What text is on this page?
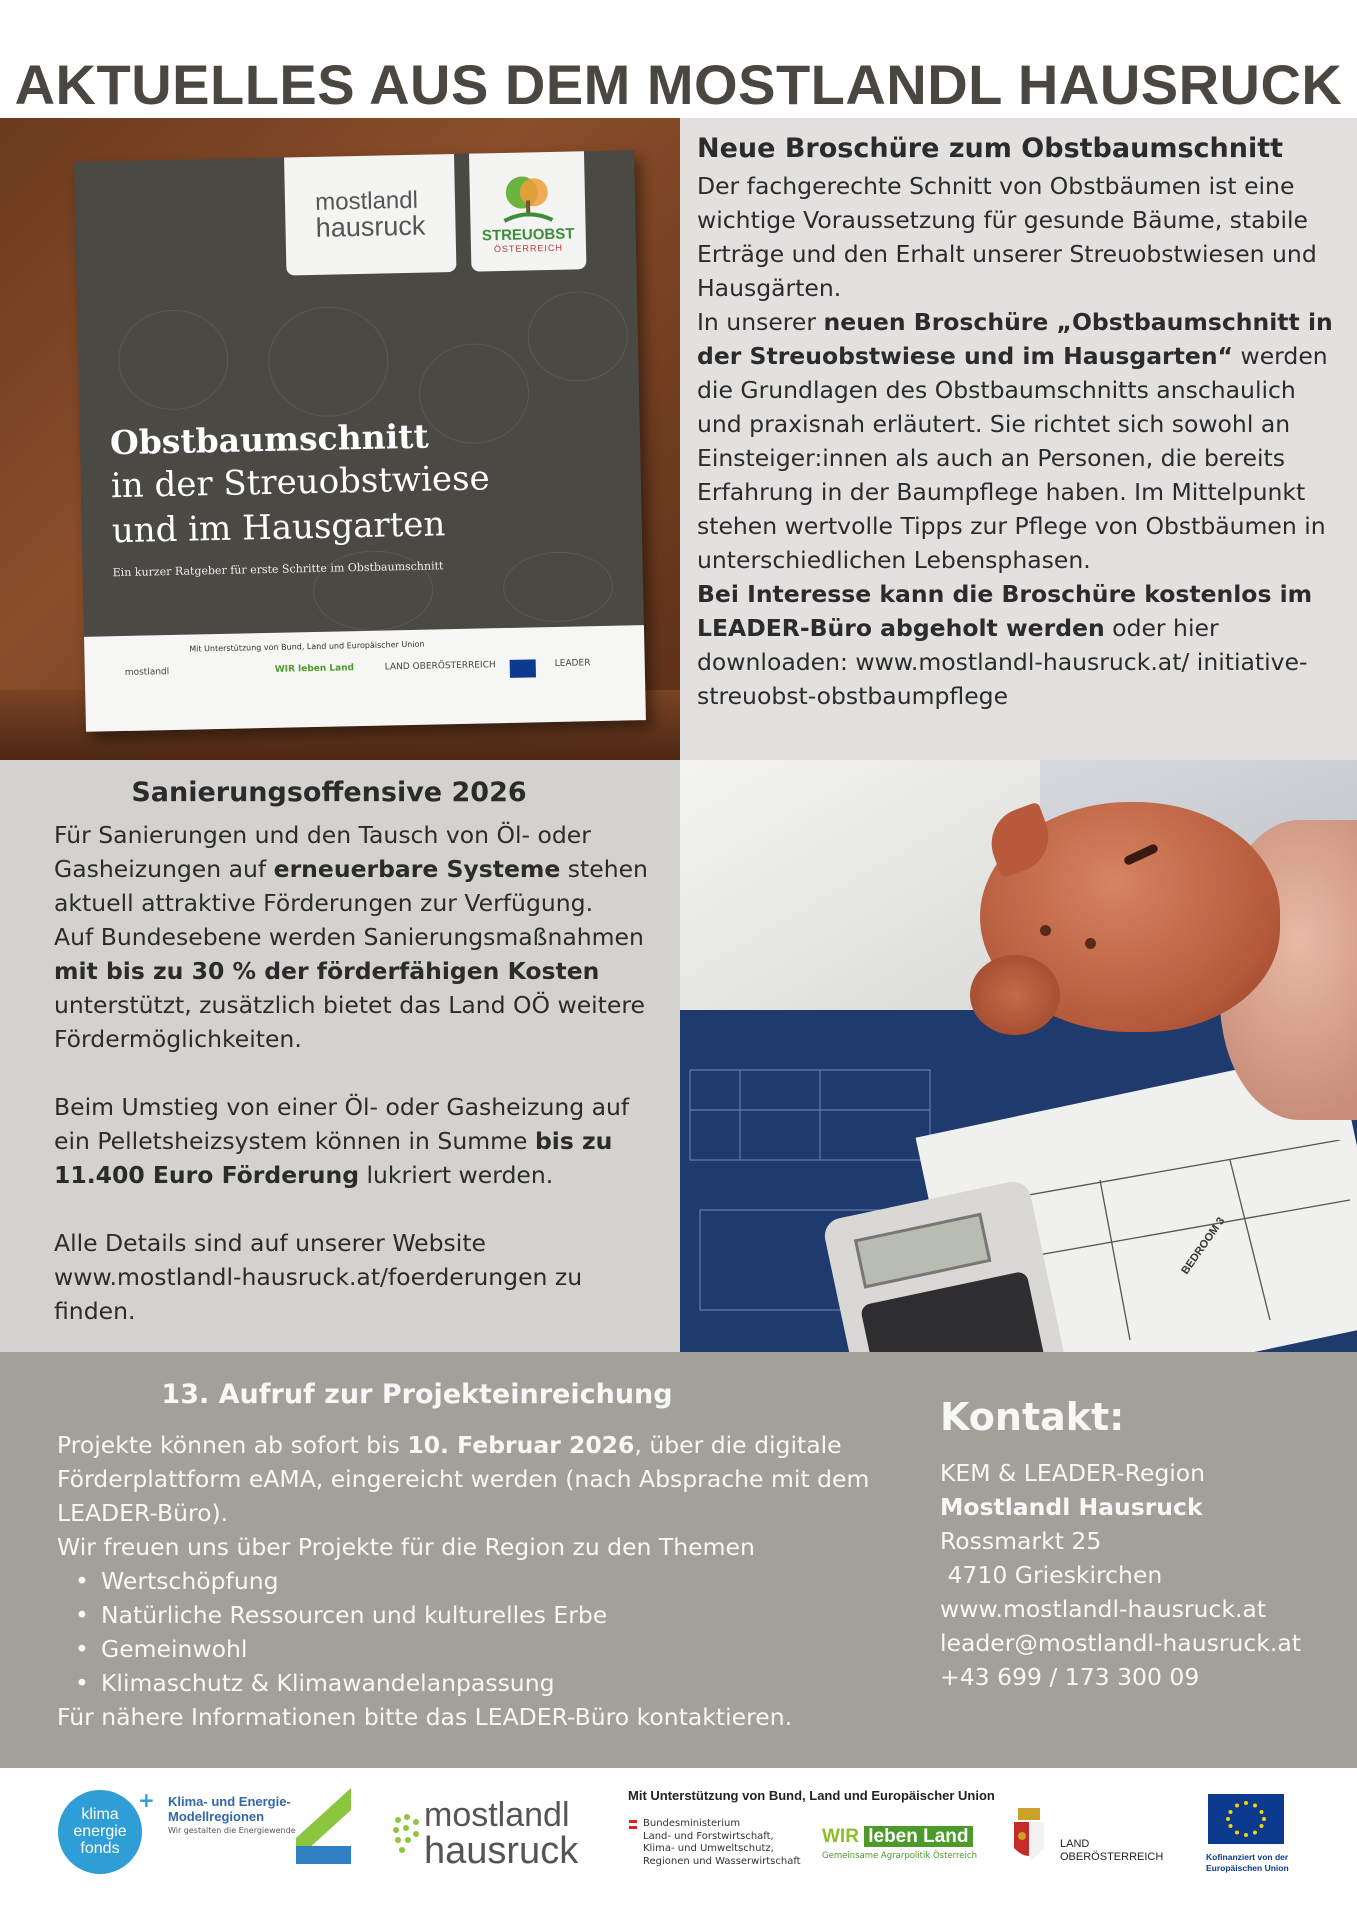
AKTUELLES AUS DEM MOSTLANDL HAUSRUCK
mostlandl
hausruck	STREUOBST
ÖSTERREICH
Obstbaumschnitt
in der Streuobstwiese
und im Hausgarten
Ein kurzer Ratgeber für erste Schritte im Obstbaumschnitt
Mit Unterstützung von Bund, Land und Europäischer Union
mostlandl	WIR leben Land	LAND OBERÖSTERREICH	LEADER
Neue Broschüre zum Obstbaumschnitt
Der fachgerechte Schnitt von Obstbäumen ist eine wichtige Voraussetzung für gesunde Bäume, stabile Erträge und den Erhalt unserer Streuobstwiesen und Hausgärten.
In unserer neuen Broschüre „Obstbaumschnitt in der Streuobstwiese und im Hausgarten“ werden die Grundlagen des Obstbaumschnitts anschaulich und praxisnah erläutert. Sie richtet sich sowohl an Einsteiger:innen als auch an Personen, die bereits Erfahrung in der Baumpflege haben. Im Mittelpunkt stehen wertvolle Tipps zur Pflege von Obstbäumen in unterschiedlichen Lebensphasen.
Bei Interesse kann die Broschüre kostenlos im LEADER-Büro abgeholt werden oder hier downloaden: www.mostlandl-hausruck.at/ initiative-streuobst-obstbaumpflege
Sanierungsoffensive 2026
Für Sanierungen und den Tausch von Öl- oder Gasheizungen auf erneuerbare Systeme stehen aktuell attraktive Förderungen zur Verfügung.

Auf Bundesebene werden Sanierungsmaßnahmen mit bis zu 30 % der förderfähigen Kosten unterstützt, zusätzlich bietet das Land OÖ weitere Fördermöglichkeiten.

Beim Umstieg von einer Öl- oder Gasheizung auf ein Pelletsheizsystem können in Summe bis zu 11.400 Euro Förderung lukriert werden.

Alle Details sind auf unserer Website www.mostlandl-hausruck.at/foerderungen zu finden.

BEDROOM 3
13. Aufruf zur Projekteinreichung
Projekte können ab sofort bis 10. Februar 2026, über die digitale Förderplattform eAMA, eingereicht werden (nach Absprache mit dem LEADER-Büro).
Wir freuen uns über Projekte für die Region zu den Themen
• Wertschöpfung
• Natürliche Ressourcen und kulturelles Erbe
• Gemeinwohl
• Klimaschutz & Klimawandelanpassung
Für nähere Informationen bitte das LEADER-Büro kontaktieren.
Kontakt:
KEM & LEADER-Region
Mostlandl Hausruck
Rossmarkt 25
4710 Grieskirchen
www.mostlandl-hausruck.at
leader@mostlandl-hausruck.at
+43 699 / 173 300 09
klima
energie
fonds
+ Klima- und Energie-
Modellregionen
Wir gestalten die Energiewende	mostlandl
hausruck
Mit Unterstützung von Bund, Land und Europäischer Union
Bundesministerium
Land- und Forstwirtschaft,
Klima- und Umweltschutz,
Regionen und Wasserwirtschaft
WIR leben Land
Gemeinsame Agrarpolitik Österreich
LAND
OBERÖSTERREICH	Kofinanziert von der
Europäischen Union
